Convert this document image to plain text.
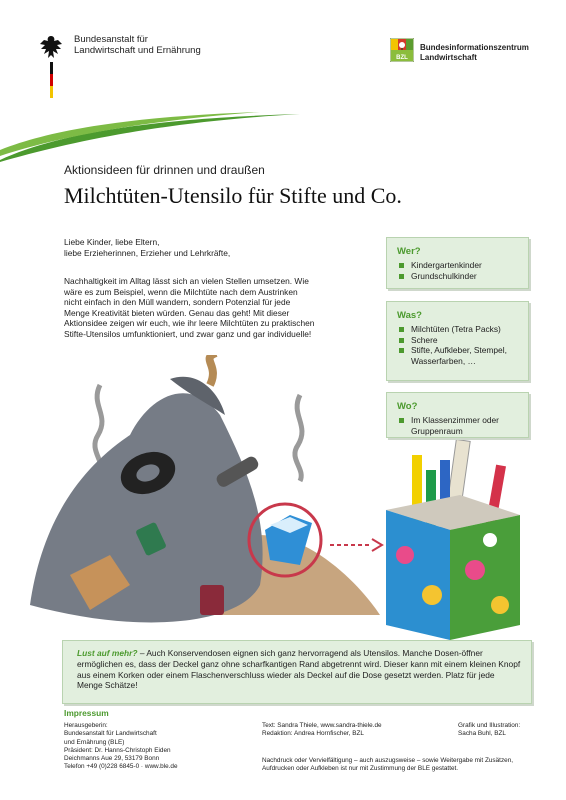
Bundesanstalt für
Landwirtschaft und Ernährung
BZL
Bundesinformationszentrum
Landwirtschaft
Aktionsideen für drinnen und draußen
Milchtüten-Utensilo für Stifte und Co.
Liebe Kinder, liebe Eltern,
liebe Erzieherinnen, Erzieher und Lehrkräfte,
Nachhaltigkeit im Alltag lässt sich an vielen Stellen umsetzen. Wie
wäre es zum Beispiel, wenn die Milchtüte nach dem Austrinken
nicht einfach in den Müll wandern, sondern Potenzial für jede
Menge Kreativität bieten würden. Genau das geht! Mit dieser
Aktionsidee zeigen wir euch, wie ihr leere Milchtüten zu praktischen
Stifte-Utensilos umfunktioniert, und zwar ganz und gar individuelle!
Wer?
Kindergartenkinder
Grundschulkinder
Was?
Milchtüten (Tetra Packs)
Schere
Stifte, Aufkleber, Stempel, Wasserfarben, …
Wo?
Im Klassenzimmer oder Gruppenraum
Lust auf mehr? – Auch Konservendosen eignen sich ganz hervorragend als Utensilos. Manche Dosen-öffner ermöglichen es, dass der Deckel ganz ohne scharfkantigen Rand abgetrennt wird. Dieser kann mit einem kleinen Knopf aus einem Korken oder einem Flaschenverschluss wieder als Deckel auf die Dose gesetzt werden. Platz für jede Menge Schätze!
Impressum
Herausgeberin:
Bundesanstalt für Landwirtschaft
und Ernährung (BLE)
Präsident: Dr. Hanns-Christoph Eiden
Deichmanns Aue 29, 53179 Bonn
Telefon +49 (0)228 6845-0 · www.ble.de
Text: Sandra Thiele, www.sandra-thiele.de
Redaktion: Andrea Hornfischer, BZL
Nachdruck oder Vervielfältigung – auch auszugsweise – sowie Weitergabe mit Zusätzen,
Aufdrucken oder Aufkleben ist nur mit Zustimmung der BLE gestattet.
Grafik und Illustration:
Sacha Buhl, BZL
